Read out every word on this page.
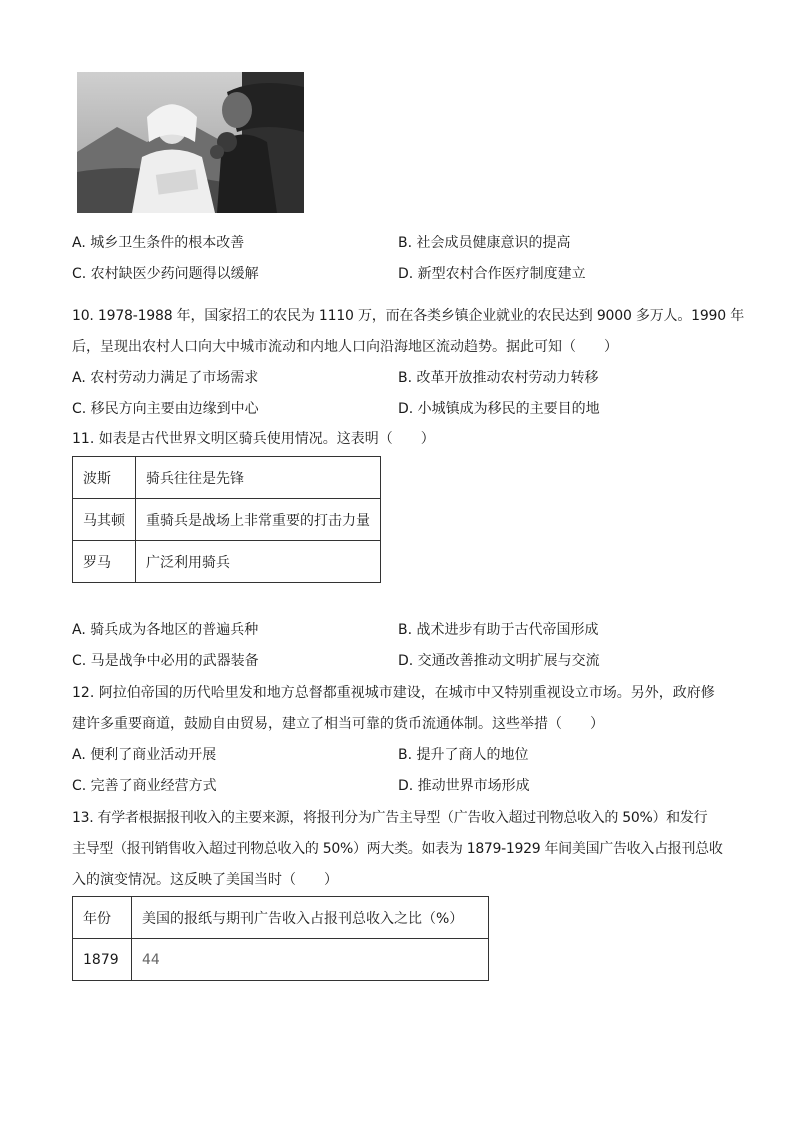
A. 城乡卫生条件的根本改善	B. 社会成员健康意识的提高
C. 农村缺医少药问题得以缓解	D. 新型农村合作医疗制度建立
10. 1978-1988 年，国家招工的农民为 1110 万，而在各类乡镇企业就业的农民达到 9000 多万人。1990 年
后，呈现出农村人口向大中城市流动和内地人口向沿海地区流动趋势。据此可知（　　）
A. 农村劳动力满足了市场需求	B. 改革开放推动农村劳动力转移
C. 移民方向主要由边缘到中心	D. 小城镇成为移民的主要目的地
11. 如表是古代世界文明区骑兵使用情况。这表明（　　）
波斯	骑兵往往是先锋
马其顿	重骑兵是战场上非常重要的打击力量
罗马	广泛利用骑兵
A. 骑兵成为各地区的普遍兵种	B. 战术进步有助于古代帝国形成
C. 马是战争中必用的武器装备	D. 交通改善推动文明扩展与交流
12. 阿拉伯帝国的历代哈里发和地方总督都重视城市建设，在城市中又特别重视设立市场。另外，政府修
建许多重要商道，鼓励自由贸易，建立了相当可靠的货币流通体制。这些举措（　　）
A. 便利了商业活动开展	B. 提升了商人的地位
C. 完善了商业经营方式	D. 推动世界市场形成
13. 有学者根据报刊收入的主要来源，将报刊分为广告主导型（广告收入超过刊物总收入的 50%）和发行
主导型（报刊销售收入超过刊物总收入的 50%）两大类。如表为 1879-1929 年间美国广告收入占报刊总收
入的演变情况。这反映了美国当时（　　）
年份	美国的报纸与期刊广告收入占报刊总收入之比（%）
1879	44
